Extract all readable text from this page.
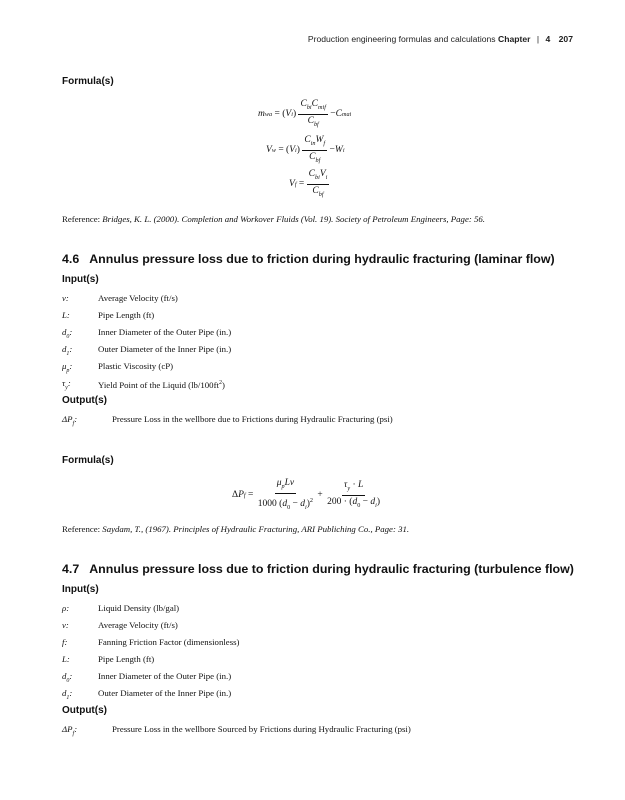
Production engineering formulas and calculations Chapter | 4 207
Formula(s)
m wa = ( V i ) $\frac{C_{bi}C_{mif}}{C_{bf}} - C$ mai
V w = ( V i ) $\frac{C_{in}W_f}{C_{bf}} - W$ i
V $f = \frac{C_{bi}V_i}{C_{bf}}$
Reference: Bridges, K. L. (2000). Completion and Workover Fluids (Vol. 19). Society of Petroleum Engineers, Page: 56.
4.6 Annulus pressure loss due to friction during hydraulic fracturing (laminar flow)
Input(s)
v:	Average Velocity (ft/s)
L:	Pipe Length (ft)
$d_0$:	Inner Diameter of the Outer Pipe (in.)
$d_1$:	Outer Diameter of the Inner Pipe (in.)
$\mu_p$:	Plastic Viscosity (cP)
$\tau_y$:	Yield Point of the Liquid $(lb/100ft^2)$
Output(s)
$\Delta P_f$:	Pressure Loss in the wellbore due to Frictions during Hydraulic Fracturing (psi)
Formula(s)
Δ P $f = \frac{\mu_pLv}{1000 (d_0 - d_i)^2} + \frac{\tau_y \cdot L}{200 \cdot (d_0 - d_i)}$
Reference: Saydam, T., (1967). Principles of Hydraulic Fracturing, ARI Publiching Co., Page: 31.
4.7 Annulus pressure loss due to friction during hydraulic fracturing (turbulence flow)
Input(s)
ρ:	Liquid Density (lb/gal)
v:	Average Velocity (ft/s)
f:	Fanning Friction Factor (dimensionless)
L:	Pipe Length (ft)
$d_0$:	Inner Diameter of the Outer Pipe (in.)
$d_1$:	Outer Diameter of the Inner Pipe (in.)
Output(s)
$\Delta P_f$:	Pressure Loss in the wellbore Sourced by Frictions during Hydraulic Fracturing (psi)
